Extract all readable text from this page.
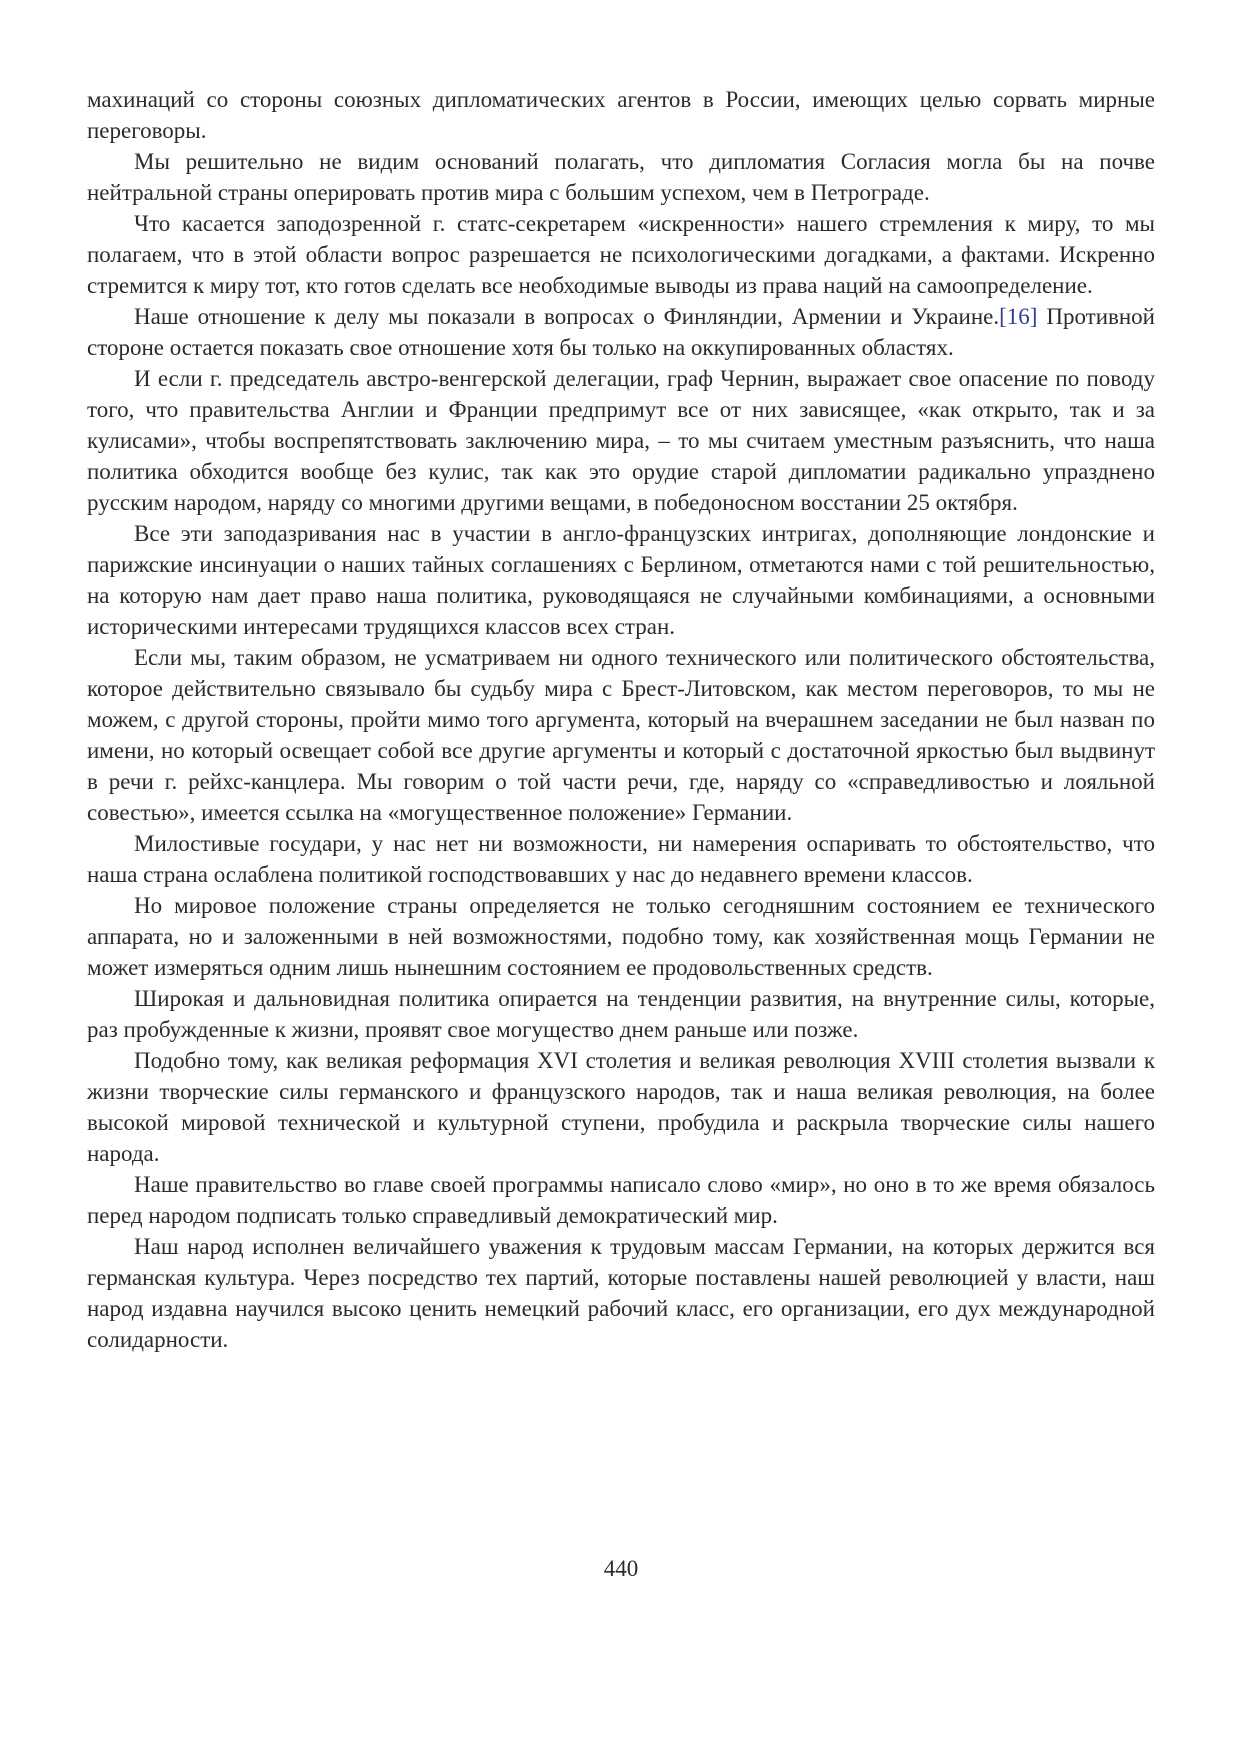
махинаций со стороны союзных дипломатических агентов в России, имеющих целью сорвать мирные переговоры.

Мы решительно не видим оснований полагать, что дипломатия Согласия могла бы на почве нейтральной страны оперировать против мира с большим успехом, чем в Петрограде.

Что касается заподозренной г. статс-секретарем «искренности» нашего стремления к миру, то мы полагаем, что в этой области вопрос разрешается не психологическими догадками, а фактами. Искренно стремится к миру тот, кто готов сделать все необходимые выводы из права наций на самоопределение.

Наше отношение к делу мы показали в вопросах о Финляндии, Армении и Украине.[16] Противной стороне остается показать свое отношение хотя бы только на оккупированных областях.

И если г. председатель австро-венгерской делегации, граф Чернин, выражает свое опасение по поводу того, что правительства Англии и Франции предпримут все от них зависящее, «как открыто, так и за кулисами», чтобы воспрепятствовать заключению мира, – то мы считаем уместным разъяснить, что наша политика обходится вообще без кулис, так как это орудие старой дипломатии радикально упразднено русским народом, наряду со многими другими вещами, в победоносном восстании 25 октября.

Все эти заподазривания нас в участии в англо-французских интригах, дополняющие лондонские и парижские инсинуации о наших тайных соглашениях с Берлином, отметаются нами с той решительностью, на которую нам дает право наша политика, руководящаяся не случайными комбинациями, а основными историческими интересами трудящихся классов всех стран.

Если мы, таким образом, не усматриваем ни одного технического или политического обстоятельства, которое действительно связывало бы судьбу мира с Брест-Литовском, как местом переговоров, то мы не можем, с другой стороны, пройти мимо того аргумента, который на вчерашнем заседании не был назван по имени, но который освещает собой все другие аргументы и который с достаточной яркостью был выдвинут в речи г. рейхс-канцлера. Мы говорим о той части речи, где, наряду со «справедливостью и лояльной совестью», имеется ссылка на «могущественное положение» Германии.

Милостивые государи, у нас нет ни возможности, ни намерения оспаривать то обстоятельство, что наша страна ослаблена политикой господствовавших у нас до недавнего времени классов.

Но мировое положение страны определяется не только сегодняшним состоянием ее технического аппарата, но и заложенными в ней возможностями, подобно тому, как хозяйственная мощь Германии не может измеряться одним лишь нынешним состоянием ее продовольственных средств.

Широкая и дальновидная политика опирается на тенденции развития, на внутренние силы, которые, раз пробужденные к жизни, проявят свое могущество днем раньше или позже.

Подобно тому, как великая реформация XVI столетия и великая революция XVIII столетия вызвали к жизни творческие силы германского и французского народов, так и наша великая революция, на более высокой мировой технической и культурной ступени, пробудила и раскрыла творческие силы нашего народа.

Наше правительство во главе своей программы написало слово «мир», но оно в то же время обязалось перед народом подписать только справедливый демократический мир.

Наш народ исполнен величайшего уважения к трудовым массам Германии, на которых держится вся германская культура. Через посредство тех партий, которые поставлены нашей революцией у власти, наш народ издавна научился высоко ценить немецкий рабочий класс, его организации, его дух международной солидарности.

440
